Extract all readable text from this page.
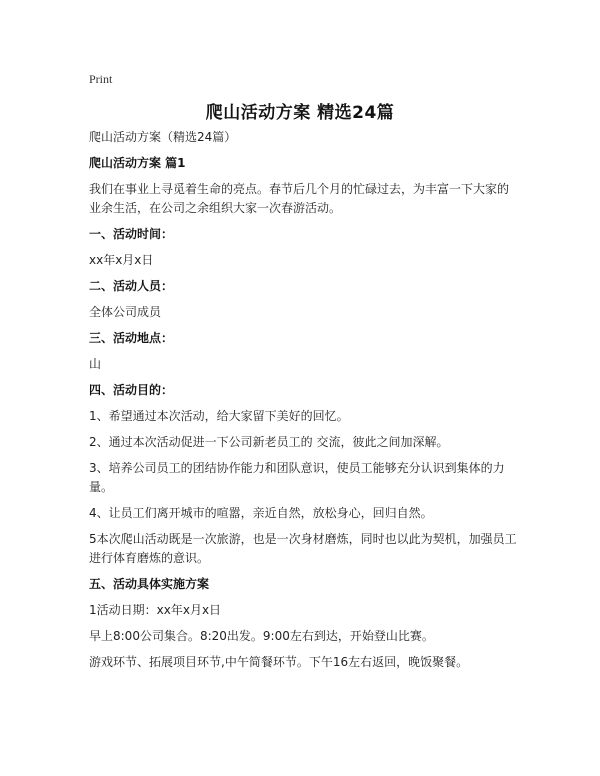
Print
爬山活动方案 精选24篇
爬山活动方案（精选24篇）
爬山活动方案 篇1
我们在事业上寻觅着生命的亮点。春节后几个月的忙碌过去，为丰富一下大家的业余生活，在公司之余组织大家一次春游活动。
一、活动时间：
xx年x月x日
二、活动人员：
全体公司成员
三、活动地点：
山
四、活动目的：
1、希望通过本次活动，给大家留下美好的回忆。
2、通过本次活动促进一下公司新老员工的 交流，彼此之间加深解。
3、培养公司员工的团结协作能力和团队意识，使员工能够充分认识到集体的力量。
4、让员工们离开城市的喧嚣，亲近自然，放松身心，回归自然。
5本次爬山活动既是一次旅游，也是一次身材磨炼，同时也以此为契机，加强员工进行体育磨炼的意识。
五、活动具体实施方案
1活动日期：xx年x月x日
早上8:00公司集合。8:20出发。9:00左右到达，开始登山比赛。
游戏环节、拓展项目环节,中午简餐环节。下午16左右返回，晚饭聚餐。
